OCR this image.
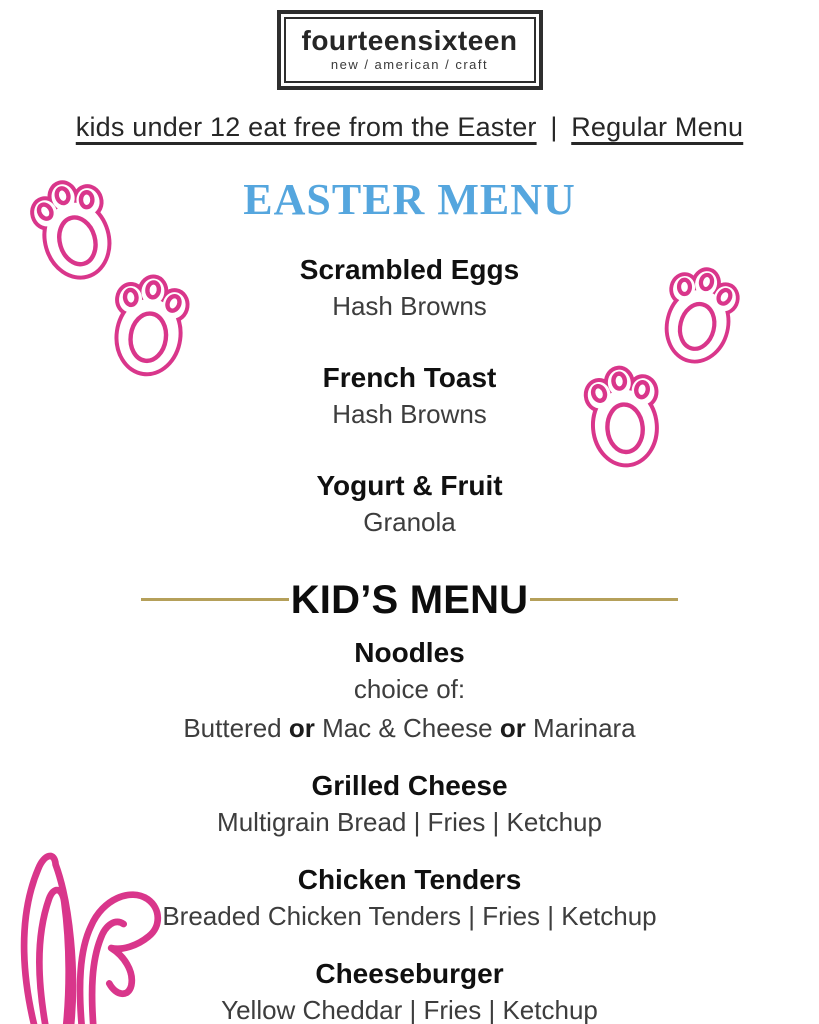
fourteensixteen
new / american / craft
kids under 12 eat free from the Easter | Regular Menu
EASTER MENU
Scrambled Eggs
Hash Browns
French Toast
Hash Browns
Yogurt & Fruit
Granola
KID’S MENU
Noodles
choice of:
Buttered or Mac & Cheese or Marinara
Grilled Cheese
Multigrain Bread | Fries | Ketchup
Chicken Tenders
Breaded Chicken Tenders | Fries | Ketchup
Cheeseburger
Yellow Cheddar | Fries | Ketchup
